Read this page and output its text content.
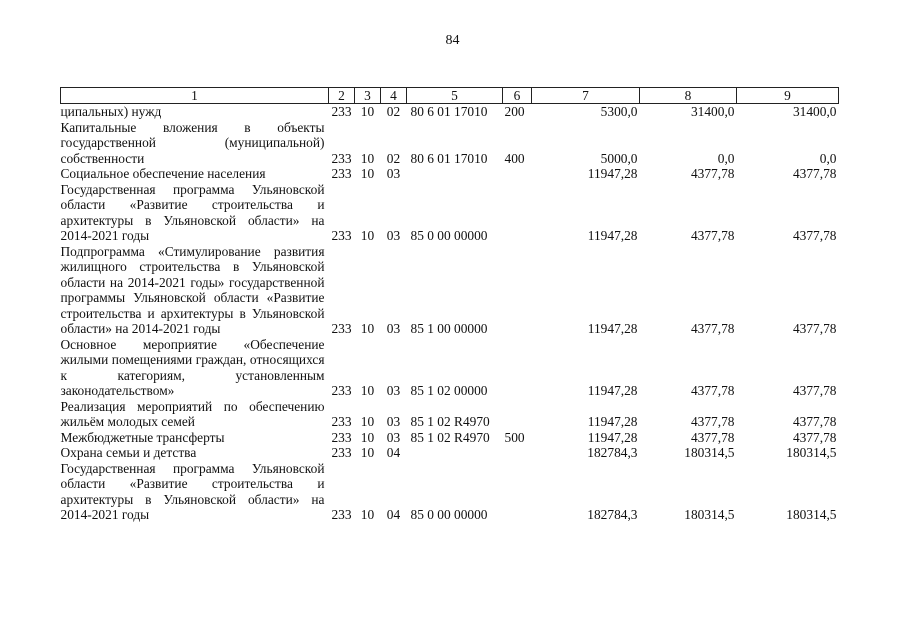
84
1	2	3	4	5	6	7	8	9
ципальных) нужд	233	10	02	80 6 01 17010	200	5300,0	31400,0	31400,0
Капитальные вложения в объекты государственной (муниципальной) собственности	233	10	02	80 6 01 17010	400	5000,0	0,0	0,0
Социальное обеспечение населения	233	10	03			11947,28	4377,78	4377,78
Государственная программа Ульяновской области «Развитие строительства и архитектуры в Ульяновской области» на 2014-2021 годы	233	10	03	85 0 00 00000		11947,28	4377,78	4377,78
Подпрограмма «Стимулирование развития жилищного строительства в Ульяновской области на 2014-2021 годы» государственной программы Ульяновской области «Развитие строительства и архитектуры в Ульяновской области» на 2014-2021 годы	233	10	03	85 1 00 00000		11947,28	4377,78	4377,78
Основное мероприятие «Обеспечение жилыми помещениями граждан, относящихся к категориям, установленным законодательством»	233	10	03	85 1 02 00000		11947,28	4377,78	4377,78
Реализация мероприятий по обеспечению жильём молодых семей	233	10	03	85 1 02 R4970		11947,28	4377,78	4377,78
Межбюджетные трансферты	233	10	03	85 1 02 R4970	500	11947,28	4377,78	4377,78
Охрана семьи и детства	233	10	04			182784,3	180314,5	180314,5
Государственная программа Ульяновской области «Развитие строительства и архитектуры в Ульяновской области» на 2014-2021 годы	233	10	04	85 0 00 00000		182784,3	180314,5	180314,5
